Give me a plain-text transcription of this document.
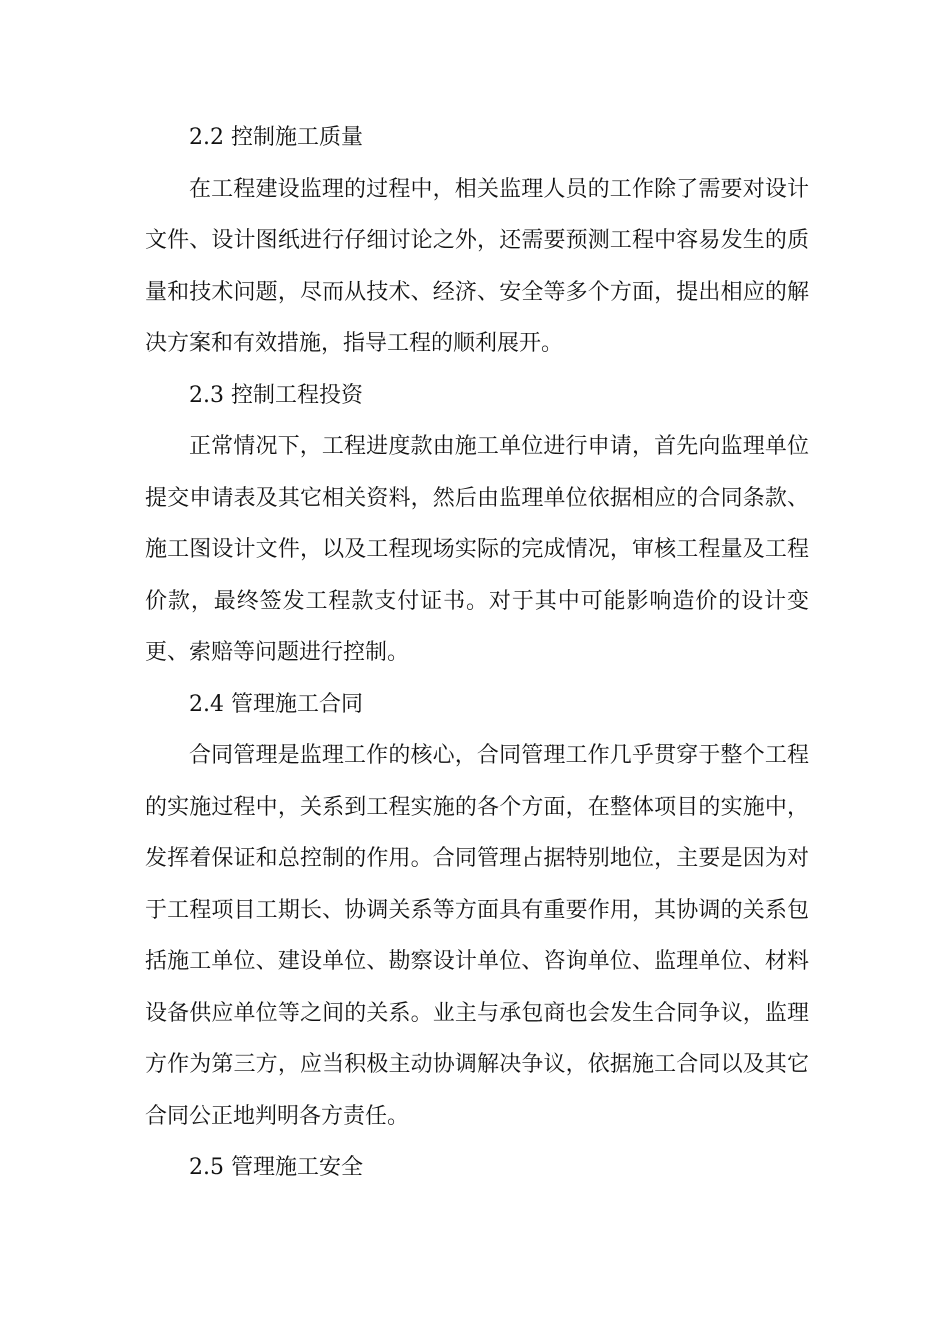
2.2 控制施工质量

在工程建设监理的过程中，相关监理人员的工作除了需要对设计文件、设计图纸进行仔细讨论之外，还需要预测工程中容易发生的质量和技术问题，尽而从技术、经济、安全等多个方面，提出相应的解决方案和有效措施，指导工程的顺利展开。

2.3 控制工程投资

正常情况下，工程进度款由施工单位进行申请，首先向监理单位提交申请表及其它相关资料，然后由监理单位依据相应的合同条款、施工图设计文件，以及工程现场实际的完成情况，审核工程量及工程价款，最终签发工程款支付证书。对于其中可能影响造价的设计变更、索赔等问题进行控制。

2.4 管理施工合同

合同管理是监理工作的核心，合同管理工作几乎贯穿于整个工程的实施过程中，关系到工程实施的各个方面，在整体项目的实施中，发挥着保证和总控制的作用。合同管理占据特别地位，主要是因为对于工程项目工期长、协调关系等方面具有重要作用，其协调的关系包括施工单位、建设单位、勘察设计单位、咨询单位、监理单位、材料设备供应单位等之间的关系。业主与承包商也会发生合同争议，监理方作为第三方，应当积极主动协调解决争议，依据施工合同以及其它合同公正地判明各方责任。

2.5 管理施工安全
